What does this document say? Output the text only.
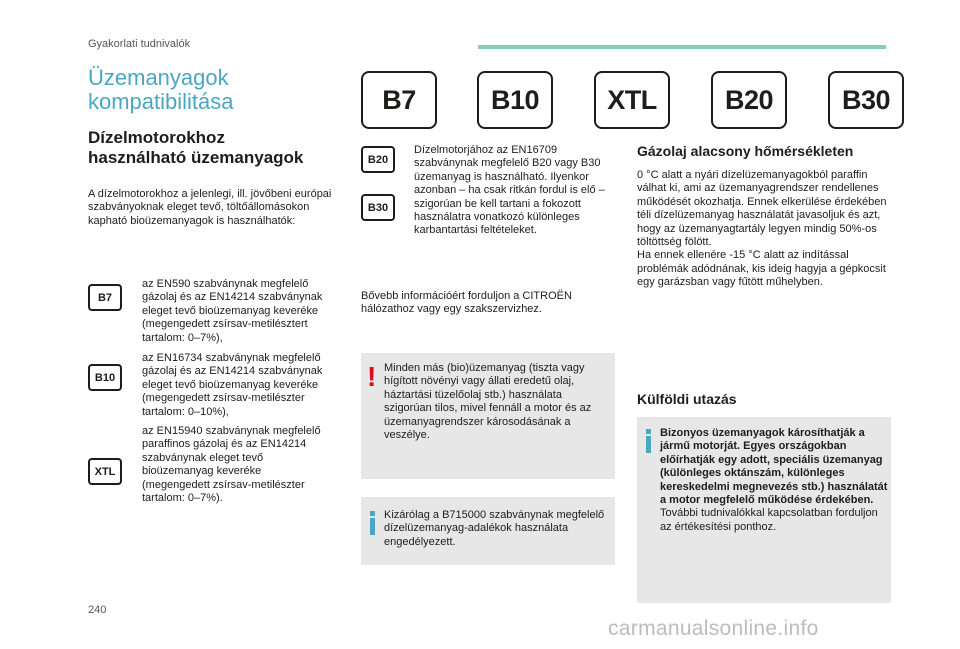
Gyakorlati tudnivalók
Üzemanyagok
kompatibilitása	B7	B10	XTL	B20	B30
Dízelmotorokhoz
használható üzemanyagok
A dízelmotorokhoz a jelenlegi, ill. jövőbeni európai szabványoknak eleget tevő, töltőállomásokon kapható bioüzemanyagok is használhatók:
B7
az EN590 szabványnak megfelelő gázolaj és az EN14214 szabványnak eleget tevő bioüzemanyag keveréke (megengedett zsírsav-metilésztert tartalom: 0–7%),
B10
az EN16734 szabványnak megfelelő gázolaj és az EN14214 szabványnak eleget tevő bioüzemanyag keveréke (megengedett zsírsav-metilészter tartalom: 0–10%),
XTL
az EN15940 szabványnak megfelelő paraffinos gázolaj és az EN14214 szabványnak eleget tevő bioüzemanyag keveréke (megengedett zsírsav-metilészter tartalom: 0–7%).
B20
B30
Dízelmotorjához az EN16709 szabványnak megfelelő B20 vagy B30 üzemanyag is használható. Ilyenkor azonban – ha csak ritkán fordul is elő – szigorúan be kell tartani a fokozott használatra vonatkozó különleges karbantartási feltételeket.
Bővebb információért forduljon a CITROËN hálózathoz vagy egy szakszervizhez.
! Minden más (bio)üzemanyag (tiszta vagy hígított növényi vagy állati eredetű olaj, háztartási tüzelőolaj stb.) használata szigorúan tilos, mivel fennáll a motor és az üzemanyagrendszer károsodásának a veszélye.
Kizárólag a B715000 szabványnak megfelelő dízelüzemanyag-adalékok használata engedélyezett.
Gázolaj alacsony hőmérsékleten
0 °C alatt a nyári dízelüzemanyagokból paraffin válhat ki, ami az üzemanyagrendszer rendellenes működését okozhatja. Ennek elkerülése érdekében téli dízelüzemanyag használatát javasoljuk és azt, hogy az üzemanyagtartály legyen mindig 50%-os töltöttség fölött.
Ha ennek ellenére -15 °C alatt az indítással problémák adódnának, kis ideig hagyja a gépkocsit egy garázsban vagy fűtött műhelyben.
Külföldi utazás
Bizonyos üzemanyagok károsíthatják a jármű motorját. Egyes országokban előírhatják egy adott, speciális üzemanyag (különleges oktánszám, különleges kereskedelmi megnevezés stb.) használatát a motor megfelelő működése érdekében.
További tudnivalókkal kapcsolatban forduljon az értékesítési ponthoz.
240
carmanualsonline.info
